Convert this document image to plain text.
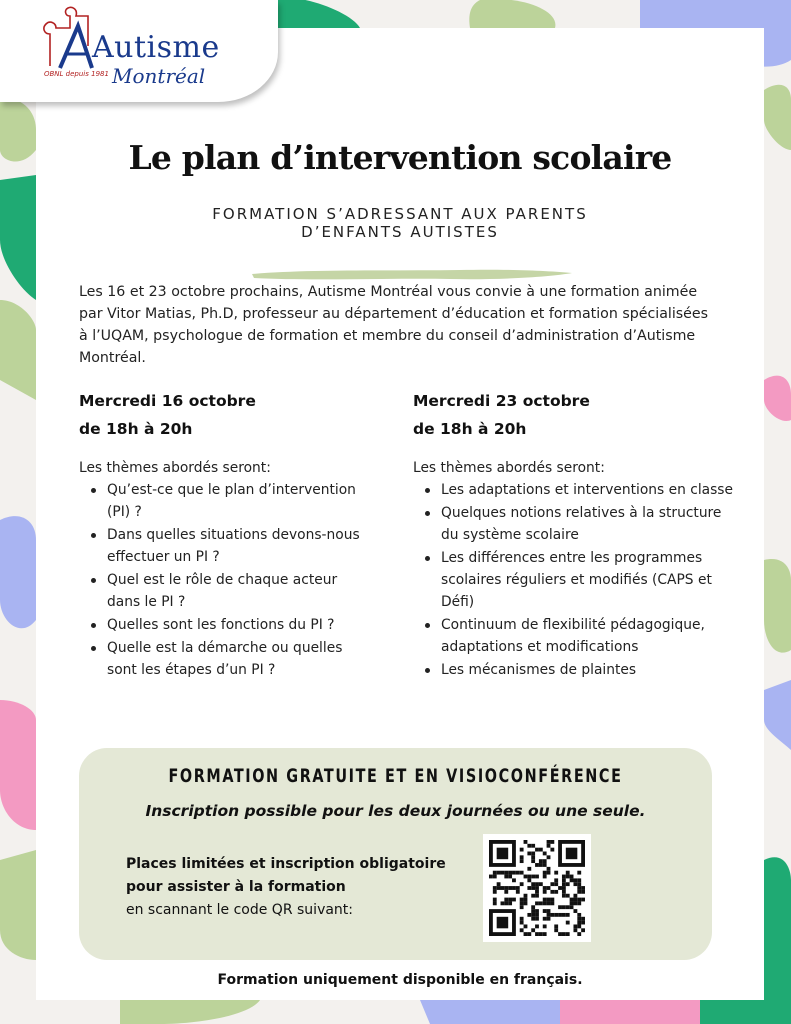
Le plan d’intervention scolaire
FORMATION S’ADRESSANT AUX PARENTS
D’ENFANTS AUTISTES
Les 16 et 23 octobre prochains, Autisme Montréal vous convie à une formation animée par Vitor Matias, Ph.D, professeur au département d’éducation et formation spécialisées à l’UQAM, psychologue de formation et membre du conseil d’administration d’Autisme Montréal.
Mercredi 16 octobre
de 18h à 20h
Les thèmes abordés seront:
Qu’est-ce que le plan d’intervention (PI) ?
Dans quelles situations devons-nous effectuer un PI ?
Quel est le rôle de chaque acteur dans le PI ?
Quelles sont les fonctions du PI ?
Quelle est la démarche ou quelles sont les étapes d’un PI ?
Mercredi 23 octobre
de 18h à 20h
Les thèmes abordés seront:
Les adaptations et interventions en classe
Quelques notions relatives à la structure du système scolaire
Les différences entre les programmes scolaires réguliers et modifiés (CAPS et Défi)
Continuum de flexibilité pédagogique, adaptations et modifications
Les mécanismes de plaintes
FORMATION GRATUITE ET EN VISIOCONFÉRENCE
Inscription possible pour les deux journées ou une seule.
Places limitées et inscription obligatoire pour assister à la formation
en scannant le code QR suivant:
Formation uniquement disponible en français.
Autisme
Montréal
OBNL depuis 1981
